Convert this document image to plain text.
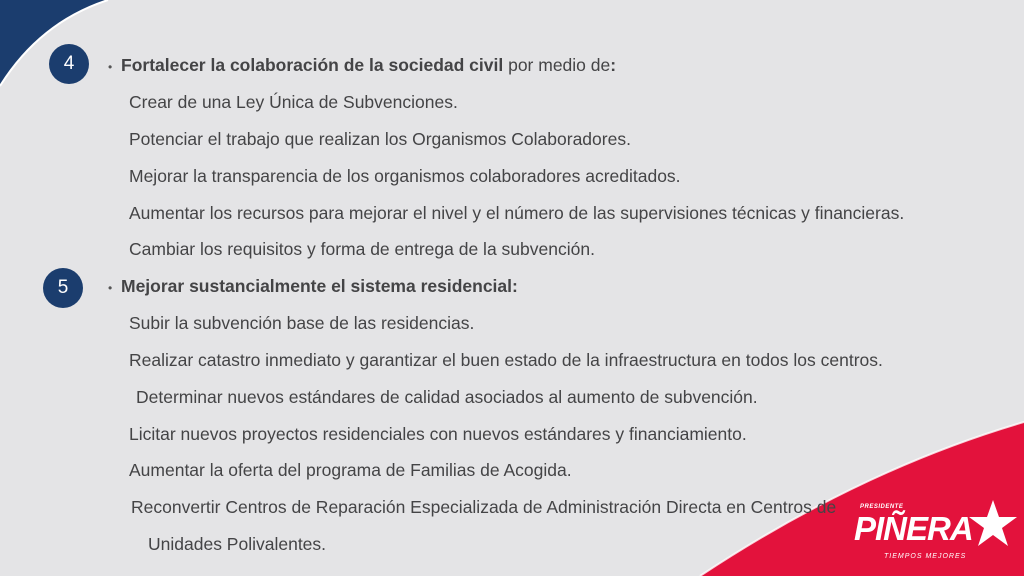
4	• Fortalecer la colaboración de la sociedad civil por medio de:
Crear de una Ley Única de Subvenciones.
Potenciar el trabajo que realizan los Organismos Colaboradores.
Mejorar la transparencia de los organismos colaboradores acreditados.
Aumentar los recursos para mejorar el nivel y el número de las supervisiones técnicas y financieras.
Cambiar los requisitos y forma de entrega de la subvención.
5	• Mejorar sustancialmente el sistema residencial:
Subir la subvención base de las residencias.
Realizar catastro inmediato y garantizar el buen estado de la infraestructura en todos los centros.
Determinar nuevos estándares de calidad asociados al aumento de subvención.
Licitar nuevos proyectos residenciales con nuevos estándares y financiamiento.
Aumentar la oferta del programa de Familias de Acogida.
Reconvertir Centros de Reparación Especializada de Administración Directa en Centros de
Unidades Polivalentes.
PRESIDENTE
PIÑERA
TIEMPOS MEJORES
